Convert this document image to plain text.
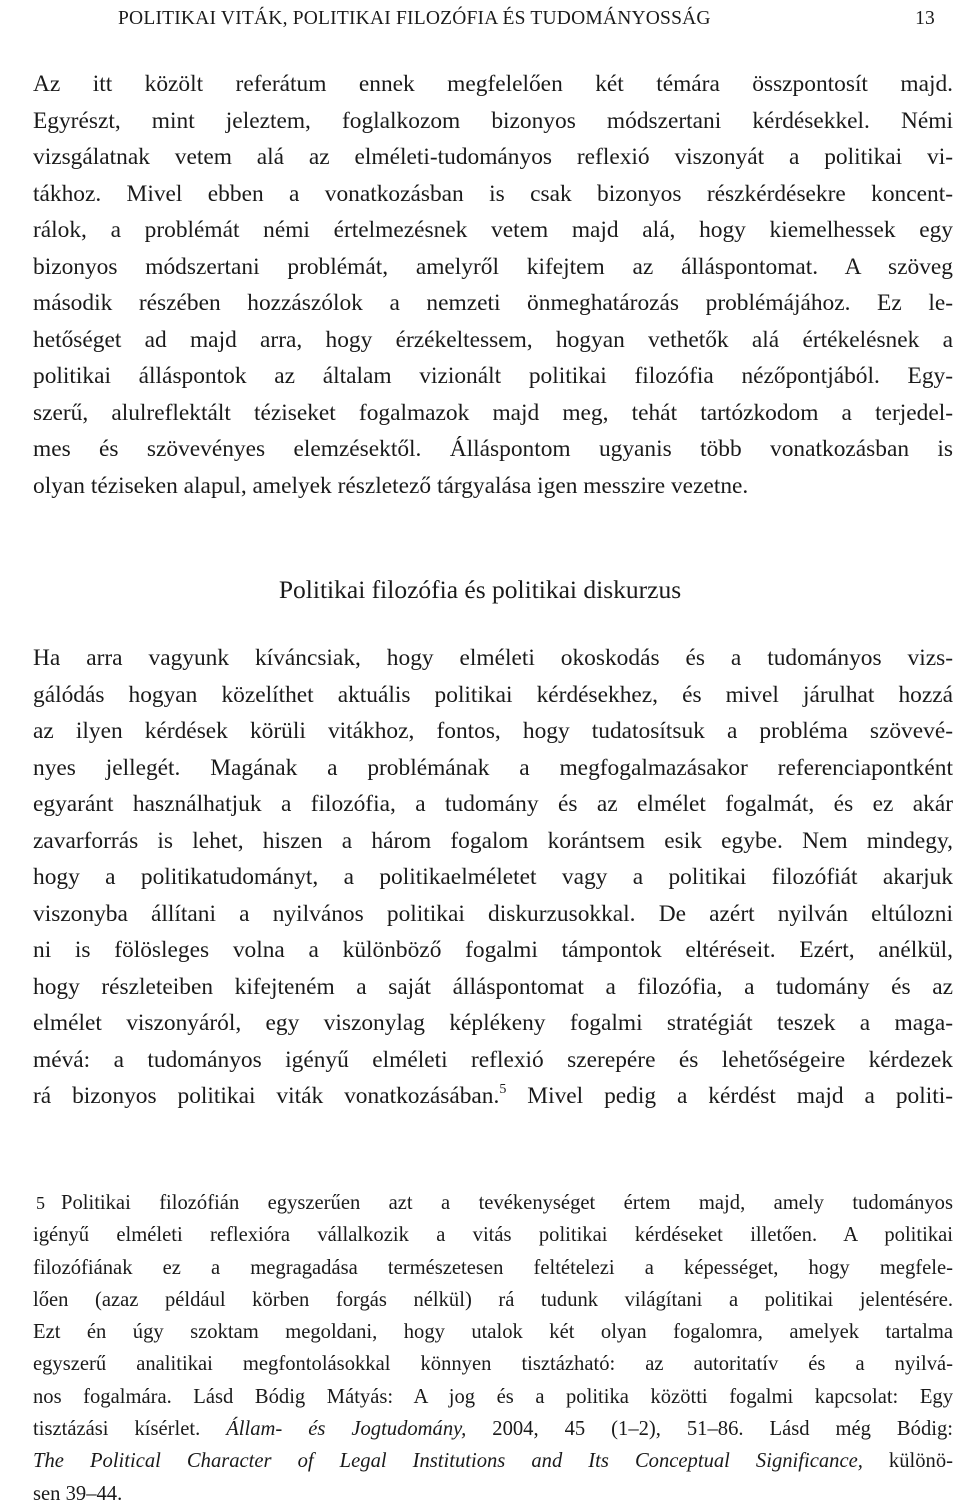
POLITIKAI VITÁK, POLITIKAI FILOZÓFIA ÉS TUDOMÁNYOSSÁG	13
Az itt közölt referátum ennek megfelelően két témára összpontosít majd.
Egyrészt, mint jeleztem, foglalkozom bizonyos módszertani kérdésekkel. Némi
vizsgálatnak vetem alá az elméleti-tudományos reflexió viszonyát a politikai vi-
tákhoz. Mivel ebben a vonatkozásban is csak bizonyos részkérdésekre koncent-
rálok, a problémát némi értelmezésnek vetem majd alá, hogy kiemelhessek egy
bizonyos módszertani problémát, amelyről kifejtem az álláspontomat. A szöveg
második részében hozzászólok a nemzeti önmeghatározás problémájához. Ez le-
hetőséget ad majd arra, hogy érzékeltessem, hogyan vethetők alá értékelésnek a
politikai álláspontok az általam vizionált politikai filozófia nézőpontjából. Egy-
szerű, alulreflektált téziseket fogalmazok majd meg, tehát tartózkodom a terjedel-
mes és szövevényes elemzésektől. Álláspontom ugyanis több vonatkozásban is
olyan téziseken alapul, amelyek részletező tárgyalása igen messzire vezetne.
Politikai filozófia és politikai diskurzus
Ha arra vagyunk kíváncsiak, hogy elméleti okoskodás és a tudományos vizs-
gálódás hogyan közelíthet aktuális politikai kérdésekhez, és mivel járulhat hozzá
az ilyen kérdések körüli vitákhoz, fontos, hogy tudatosítsuk a probléma szövevé-
nyes jellegét. Magának a problémának a megfogalmazásakor referenciapontként
egyaránt használhatjuk a filozófia, a tudomány és az elmélet fogalmát, és ez akár
zavarforrás is lehet, hiszen a három fogalom korántsem esik egybe. Nem mindegy,
hogy a politikatudományt, a politikaelméletet vagy a politikai filozófiát akarjuk
viszonyba állítani a nyilvános politikai diskurzusokkal. De azért nyilván eltúlozni
ni is fölösleges volna a különböző fogalmi támpontok eltéréseit. Ezért, anélkül,
hogy részleteiben kifejteném a saját álláspontomat a filozófia, a tudomány és az
elmélet viszonyáról, egy viszonylag képlékeny fogalmi stratégiát teszek a maga-
mévá: a tudományos igényű elméleti reflexió szerepére és lehetőségeire kérdezek
rá bizonyos politikai viták vonatkozásában.$^5$ Mivel pedig a kérdést majd a politi-
5 Politikai filozófián egyszerűen azt a tevékenységet értem majd, amely tudományos
igényű elméleti reflexióra vállalkozik a vitás politikai kérdéseket illetően. A politikai
filozófiának ez a megragadása természetesen feltételezi a képességet, hogy megfele-
lően (azaz például körben forgás nélkül) rá tudunk világítani a politikai jelentésére.
Ezt én úgy szoktam megoldani, hogy utalok két olyan fogalomra, amelyek tartalma
egyszerű analitikai megfontolásokkal könnyen tisztázható: az autoritatív és a nyilvá-
nos fogalmára. Lásd Bódig Mátyás: A jog és a politika közötti fogalmi kapcsolat: Egy
tisztázási kísérlet. Állam- és Jogtudomány, 2004, 45 (1–2), 51–86. Lásd még Bódig:
The Political Character of Legal Institutions and Its Conceptual Significance, különö-
sen 39–44.
